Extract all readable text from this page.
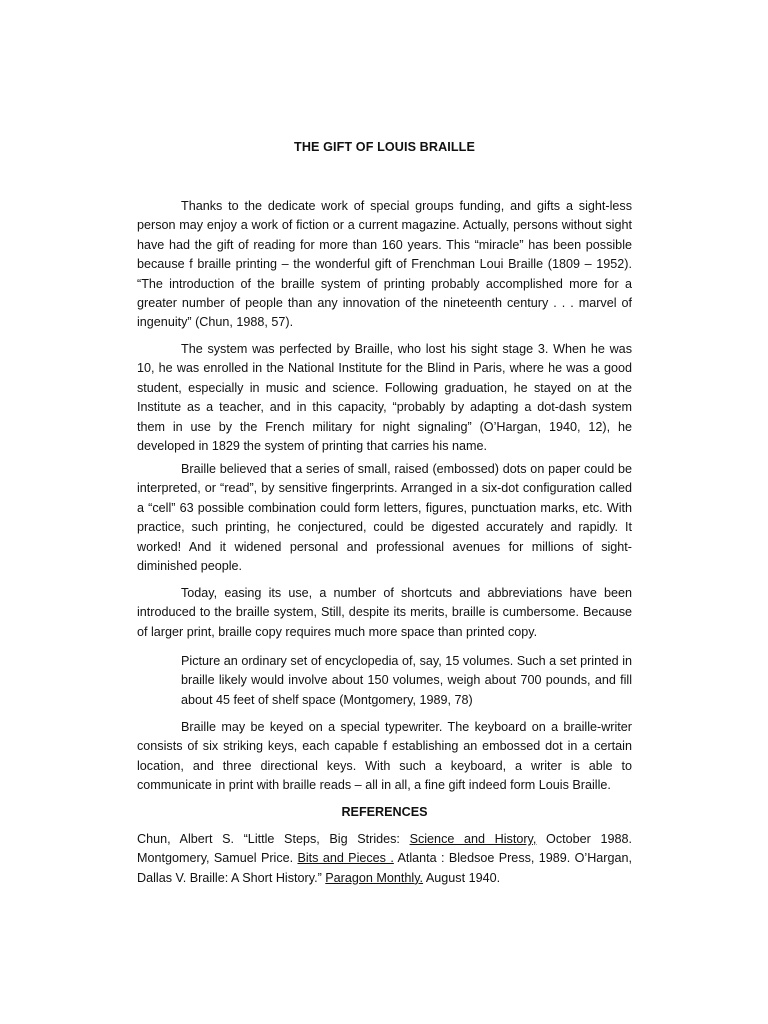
THE GIFT OF LOUIS BRAILLE

Thanks to the dedicate work of special groups funding, and gifts a sight-less person may enjoy a work of fiction or a current magazine. Actually, persons without sight have had the gift of reading for more than 160 years. This “miracle” has been possible because f braille printing – the wonderful gift of Frenchman Loui Braille (1809 – 1952). “The introduction of the braille system of printing probably accomplished more for a greater number of people than any innovation of the nineteenth century . . . marvel of ingenuity” (Chun, 1988, 57).

The system was perfected by Braille, who lost his sight stage 3. When he was 10, he was enrolled in the National Institute for the Blind in Paris, where he was a good student, especially in music and science. Following graduation, he stayed on at the Institute as a teacher, and in this capacity, “probably by adapting a dot-dash system them in use by the French military for night signaling” (O’Hargan, 1940, 12), he developed in 1829 the system of printing that carries his name.

Braille believed that a series of small, raised (embossed) dots on paper could be interpreted, or “read”, by sensitive fingerprints. Arranged in a six-dot configuration called a “cell” 63 possible combination could form letters, figures, punctuation marks, etc. With practice, such printing, he conjectured, could be digested accurately and rapidly. It worked! And it widened personal and professional avenues for millions of sight-diminished people.

Today, easing its use, a number of shortcuts and abbreviations have been introduced to the braille system, Still, despite its merits, braille is cumbersome. Because of larger print, braille copy requires much more space than printed copy.

Picture an ordinary set of encyclopedia of, say, 15 volumes. Such a set printed in braille likely would involve about 150 volumes, weigh about 700 pounds, and fill about 45 feet of shelf space (Montgomery, 1989, 78)

Braille may be keyed on a special typewriter. The keyboard on a braille-writer consists of six striking keys, each capable f establishing an embossed dot in a certain location, and three directional keys. With such a keyboard, a writer is able to communicate in print with braille reads – all in all, a fine gift indeed form Louis Braille.

REFERENCES

Chun, Albert S. “Little Steps, Big Strides: Science and History, October 1988. Montgomery, Samuel Price. Bits and Pieces . Atlanta : Bledsoe Press, 1989. O’Hargan, Dallas V. Braille: A Short History.” Paragon Monthly. August 1940.
